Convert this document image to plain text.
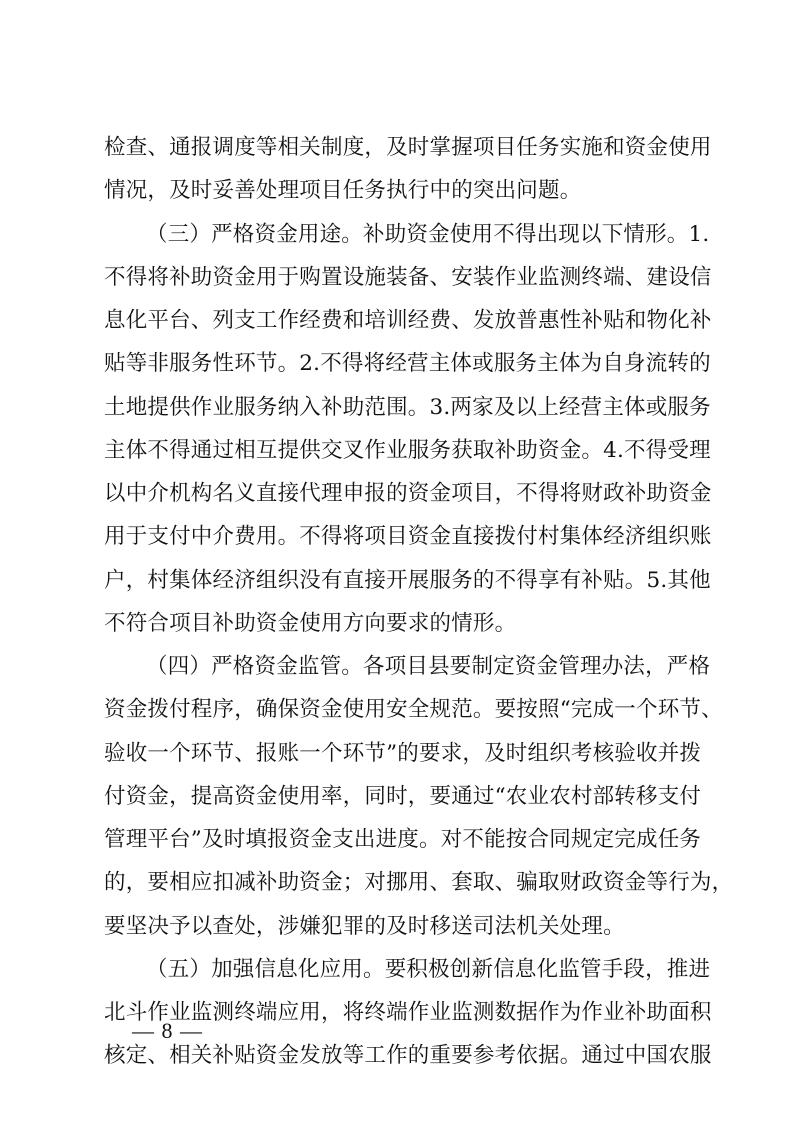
检查、通报调度等相关制度，及时掌握项目任务实施和资金使用
情况，及时妥善处理项目任务执行中的突出问题。
（三）严格资金用途。补助资金使用不得出现以下情形。1.
不得将补助资金用于购置设施装备、安装作业监测终端、建设信
息化平台、列支工作经费和培训经费、发放普惠性补贴和物化补
贴等非服务性环节。2.不得将经营主体或服务主体为自身流转的
土地提供作业服务纳入补助范围。3.两家及以上经营主体或服务
主体不得通过相互提供交叉作业服务获取补助资金。4.不得受理
以中介机构名义直接代理申报的资金项目，不得将财政补助资金
用于支付中介费用。不得将项目资金直接拨付村集体经济组织账
户，村集体经济组织没有直接开展服务的不得享有补贴。5.其他
不符合项目补助资金使用方向要求的情形。
（四）严格资金监管。各项目县要制定资金管理办法，严格
资金拨付程序，确保资金使用安全规范。要按照“完成一个环节、
验收一个环节、报账一个环节”的要求，及时组织考核验收并拨
付资金，提高资金使用率，同时，要通过“农业农村部转移支付
管理平台”及时填报资金支出进度。对不能按合同规定完成任务
的，要相应扣减补助资金；对挪用、套取、骗取财政资金等行为，
要坚决予以查处，涉嫌犯罪的及时移送司法机关处理。
（五）加强信息化应用。要积极创新信息化监管手段，推进
北斗作业监测终端应用，将终端作业监测数据作为作业补助面积
核定、相关补贴资金发放等工作的重要参考依据。通过中国农服
— 8 —
